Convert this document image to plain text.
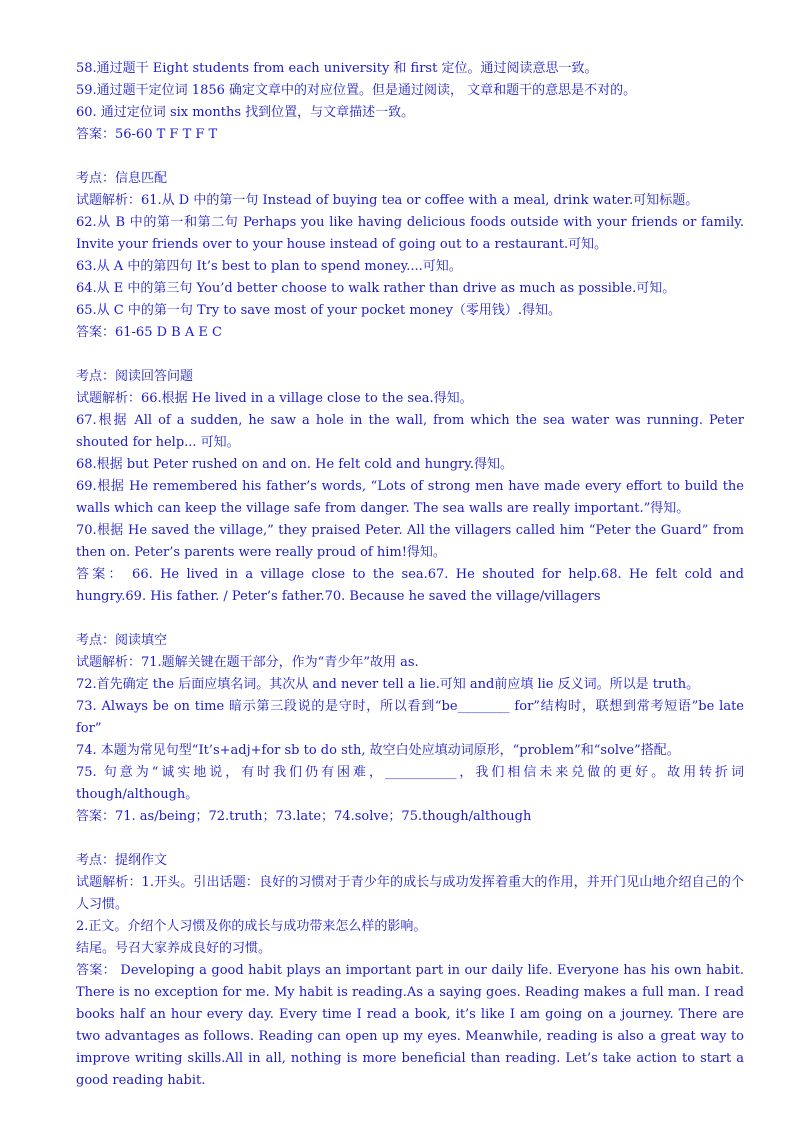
58.通过题干 Eight students from each university 和 first 定位。通过阅读意思一致。

59.通过题干定位词 1856 确定文章中的对应位置。但是通过阅读， 文章和题干的意思是不对的。

60. 通过定位词 six months 找到位置，与文章描述一致。

答案：56-60 T F T F T

考点：信息匹配

试题解析：61.从 D 中的第一句 Instead of buying tea or coffee with a meal, drink water.可知标题。

62.从 B 中的第一和第二句 Perhaps you like having delicious foods outside with your friends or family. Invite your friends over to your house instead of going out to a restaurant.可知。

63.从 A 中的第四句 It’s best to plan to spend money....可知。

64.从 E 中的第三句 You’d better choose to walk rather than drive as much as possible.可知。

65.从 C 中的第一句 Try to save most of your pocket money（零用钱）.得知。

答案：61-65 D B A E C

考点：阅读回答问题

试题解析：66.根据 He lived in a village close to the sea.得知。

67.根据 All of a sudden, he saw a hole in the wall, from which the sea water was running. Peter shouted for help... 可知。

68.根据 but Peter rushed on and on. He felt cold and hungry.得知。

69.根据 He remembered his father’s words, “Lots of strong men have made every effort to build the walls which can keep the village safe from danger. The sea walls are really important.”得知。

70.根据 He saved the village,” they praised Peter. All the villagers called him “Peter the Guard” from then on. Peter’s parents were really proud of him!得知。

答案： 66. He lived in a village close to the sea.67. He shouted for help.68. He felt cold and hungry.69. His father. / Peter’s father.70. Because he saved the village/villagers

考点：阅读填空

试题解析：71.题解关键在题干部分，作为“青少年”故用 as.

72.首先确定 the 后面应填名词。其次从 and never tell a lie.可知 and前应填 lie 反义词。所以是 truth。

73. Always be on time 暗示第三段说的是守时，所以看到“be________ for”结构时，联想到常考短语”be late for”

74. 本题为常见句型“It’s+adj+for sb to do sth, 故空白处应填动词原形，“problem”和“solve”搭配。

75. 句意为“诚实地说，有时我们仍有困难，___________，我们相信未来兑做的更好。故用转折词 though/although。

答案：71. as/being；72.truth；73.late；74.solve；75.though/although

考点：提纲作文

试题解析：1.开头。引出话题：良好的习惯对于青少年的成长与成功发挥着重大的作用，并开门见山地介绍自己的个人习惯。

2.正文。介绍个人习惯及你的成长与成功带来怎么样的影响。

结尾。号召大家养成良好的习惯。

答案： Developing a good habit plays an important part in our daily life. Everyone has his own habit. There is no exception for me. My habit is reading.As a saying goes. Reading makes a full man. I read books half an hour every day. Every time I read a book, it’s like I am going on a journey. There are two advantages as follows. Reading can open up my eyes. Meanwhile, reading is also a great way to improve writing skills.All in all, nothing is more beneficial than reading. Let’s take action to start a good reading habit.
